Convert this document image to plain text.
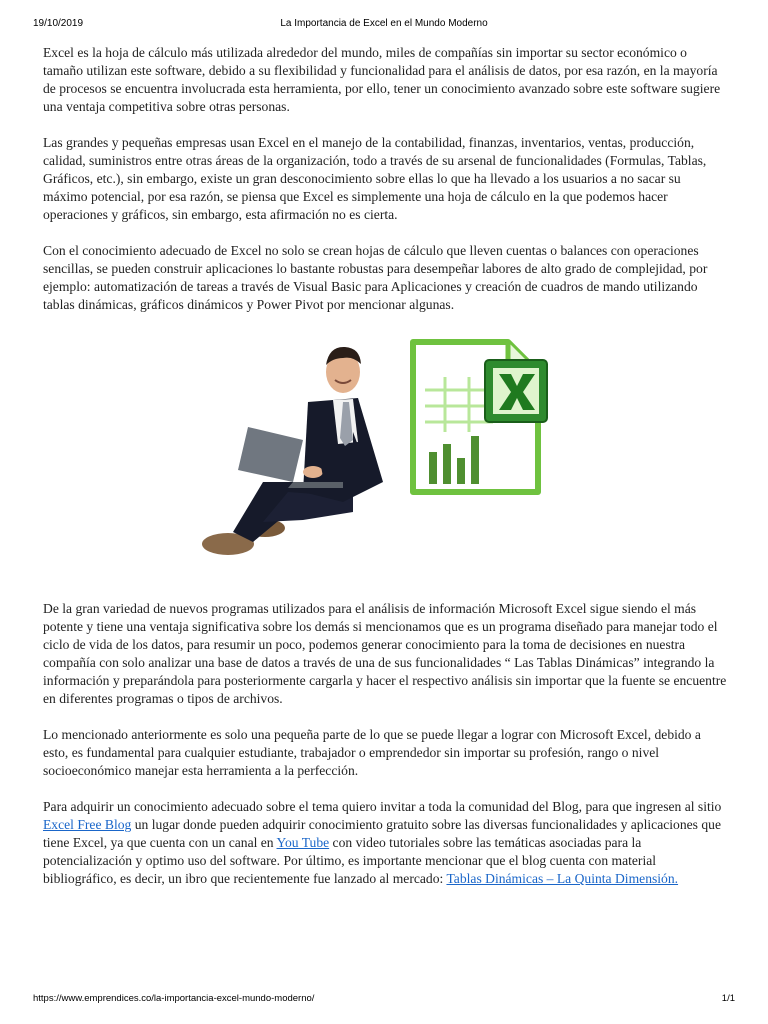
19/10/2019	La Importancia de Excel en el Mundo Moderno

Excel es la hoja de cálculo más utilizada alrededor del mundo, miles de compañías sin importar su sector económico o tamaño utilizan este software, debido a su flexibilidad y funcionalidad para el análisis de datos, por esa razón, en la mayoría de procesos se encuentra involucrada esta herramienta, por ello, tener un conocimiento avanzado sobre este software sugiere una ventaja competitiva sobre otras personas.

Las grandes y pequeñas empresas usan Excel en el manejo de la contabilidad, finanzas, inventarios, ventas, producción, calidad, suministros entre otras áreas de la organización, todo a través de su arsenal de funcionalidades (Formulas, Tablas, Gráficos, etc.), sin embargo, existe un gran desconocimiento sobre ellas lo que ha llevado a los usuarios a no sacar su máximo potencial, por esa razón, se piensa que Excel es simplemente una hoja de cálculo en la que podemos hacer operaciones y gráficos, sin embargo, esta afirmación no es cierta.

Con el conocimiento adecuado de Excel no solo se crean hojas de cálculo que lleven cuentas o balances con operaciones sencillas, se pueden construir aplicaciones lo bastante robustas para desempeñar labores de alto grado de complejidad, por ejemplo: automatización de tareas a través de Visual Basic para Aplicaciones y creación de cuadros de mando utilizando tablas dinámicas, gráficos dinámicos y Power Pivot por mencionar algunas.

De la gran variedad de nuevos programas utilizados para el análisis de información Microsoft Excel sigue siendo el más potente y tiene una ventaja significativa sobre los demás si mencionamos que es un programa diseñado para manejar todo el ciclo de vida de los datos, para resumir un poco, podemos generar conocimiento para la toma de decisiones en nuestra compañía con solo analizar una base de datos a través de una de sus funcionalidades “ Las Tablas Dinámicas” integrando la información y preparándola para posteriormente cargarla y hacer el respectivo análisis sin importar que la fuente se encuentre en diferentes programas o tipos de archivos.

Lo mencionado anteriormente es solo una pequeña parte de lo que se puede llegar a lograr con Microsoft Excel, debido a esto, es fundamental para cualquier estudiante, trabajador o emprendedor sin importar su profesión, rango o nivel socioeconómico manejar esta herramienta a la perfección.

Para adquirir un conocimiento adecuado sobre el tema quiero invitar a toda la comunidad del Blog, para que ingresen al sitio Excel Free Blog un lugar donde pueden adquirir conocimiento gratuito sobre las diversas funcionalidades y aplicaciones que tiene Excel, ya que cuenta con un canal en You Tube con video tutoriales sobre las temáticas asociadas para la potencialización y optimo uso del software. Por último, es importante mencionar que el blog cuenta con material bibliográfico, es decir, un ibro que recientemente fue lanzado al mercado: Tablas Dinámicas – La Quinta Dimensión.

https://www.emprendices.co/la-importancia-excel-mundo-moderno/	1/1
